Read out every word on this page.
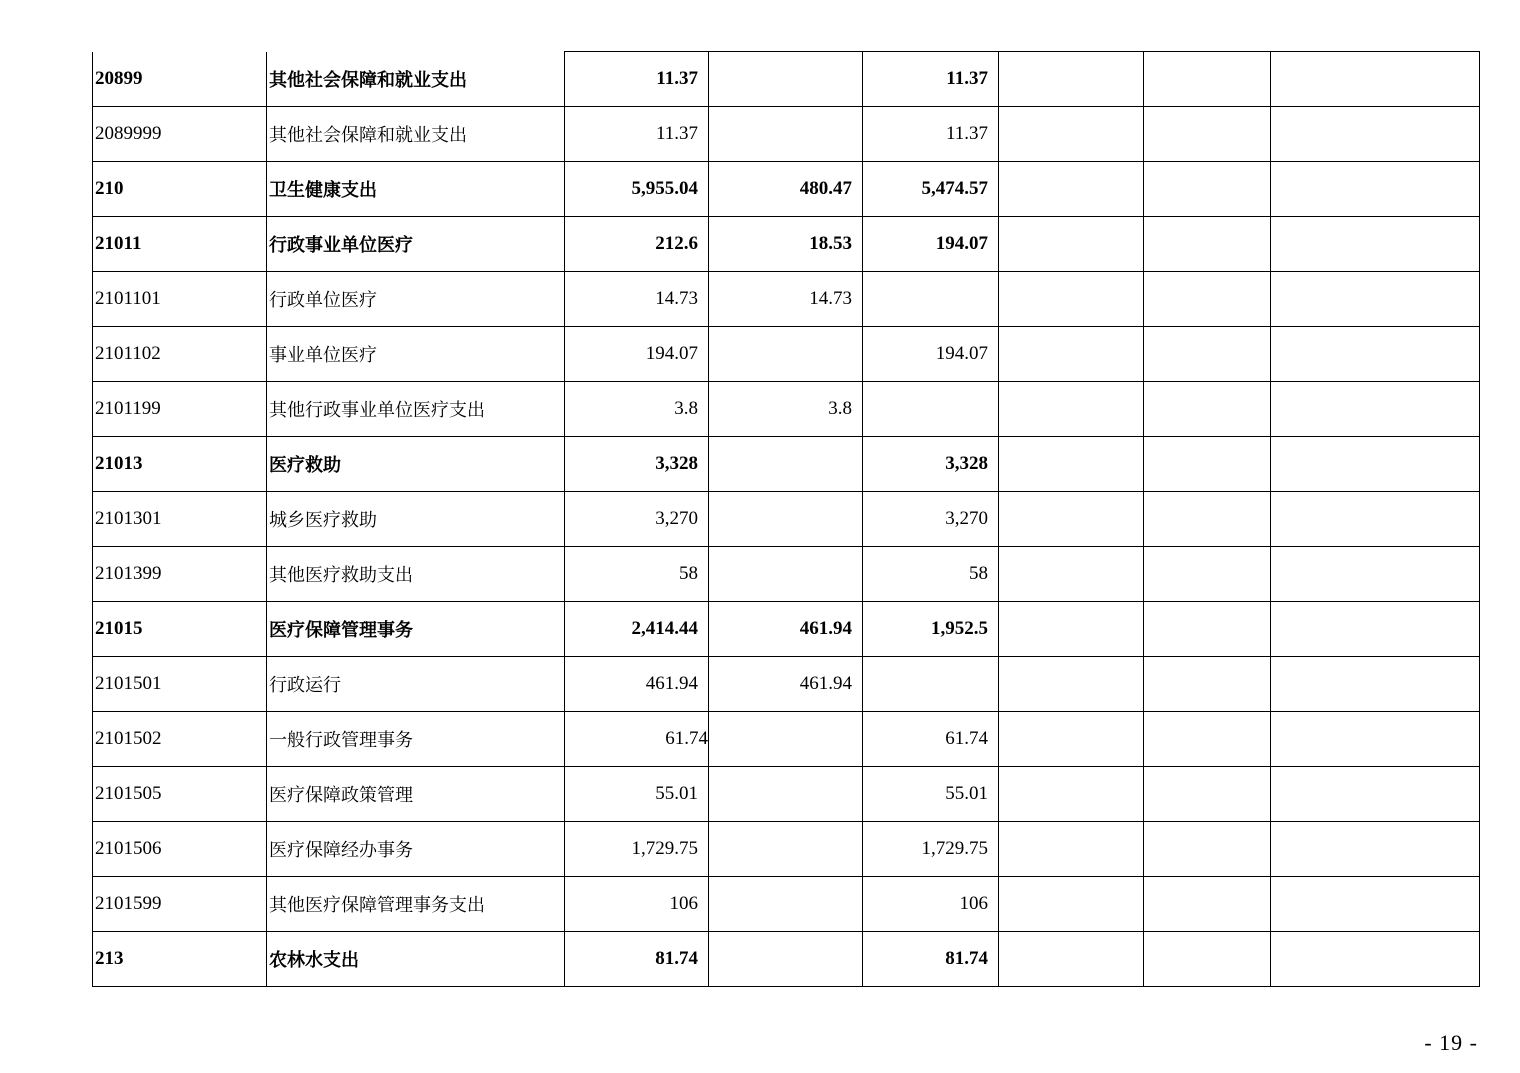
20899	其他社会保障和就业支出	11.37		11.37			
2089999	其他社会保障和就业支出	11.37		11.37			
210	卫生健康支出	5,955.04	480.47	5,474.57			
21011	行政事业单位医疗	212.6	18.53	194.07			
2101101	行政单位医疗	14.73	14.73				
2101102	事业单位医疗	194.07		194.07			
2101199	其他行政事业单位医疗支出	3.8	3.8				
21013	医疗救助	3,328		3,328			
2101301	城乡医疗救助	3,270		3,270			
2101399	其他医疗救助支出	58		58			
21015	医疗保障管理事务	2,414.44	461.94	1,952.5			
2101501	行政运行	461.94	461.94				
2101502	一般行政管理事务	61.74		61.74			
2101505	医疗保障政策管理	55.01		55.01			
2101506	医疗保障经办事务	1,729.75		1,729.75			
2101599	其他医疗保障管理事务支出	106		106			
213	农林水支出	81.74		81.74			
- 19 -
